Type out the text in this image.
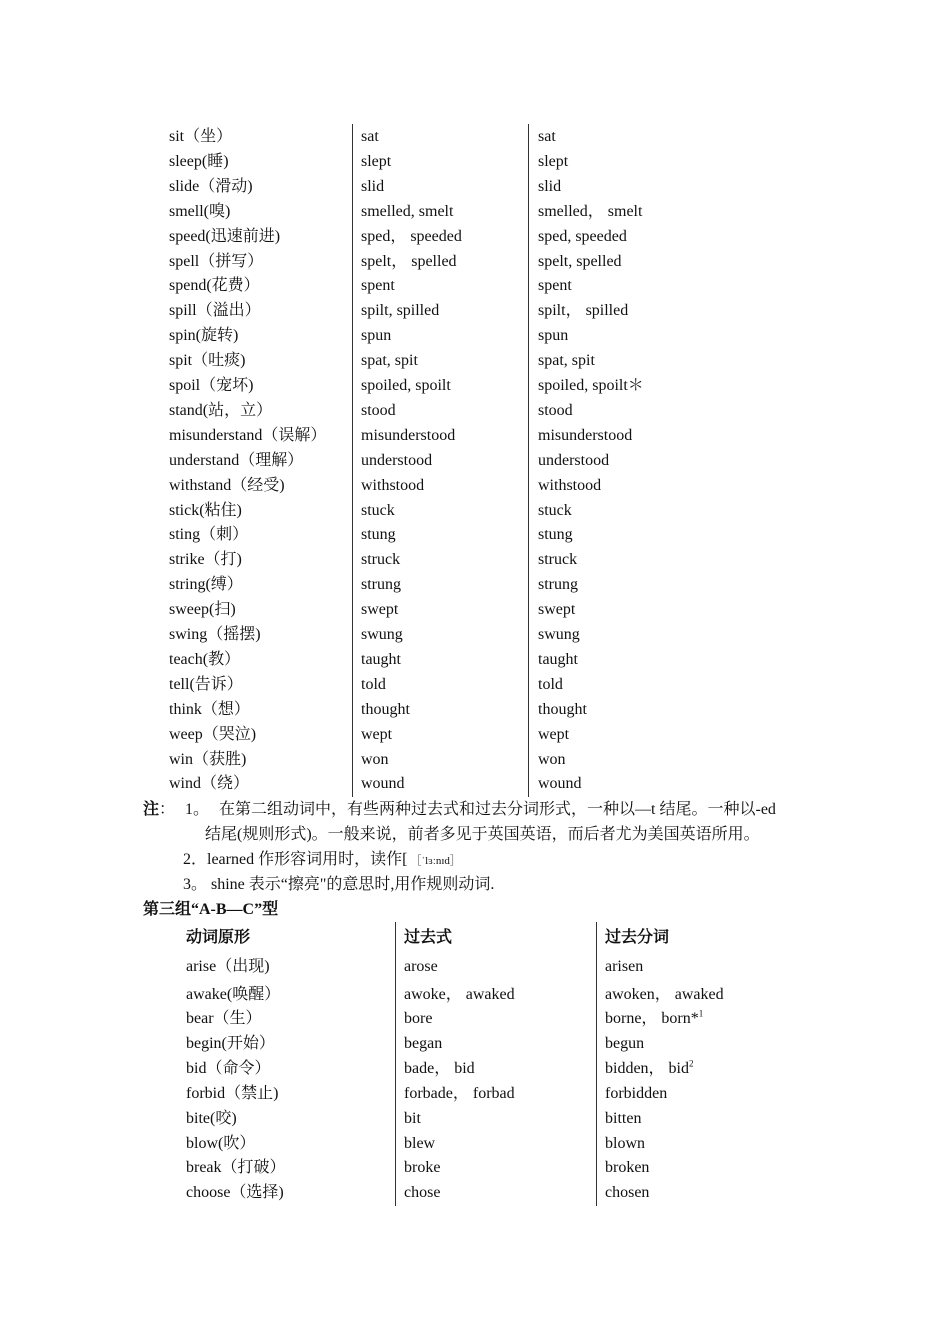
sit（坐）	sat	sat
sleep(睡)	slept	slept
slide（滑动)	slid	slid
smell(嗅)	smelled, smelt	smelled， smelt
speed(迅速前进)	sped， speeded	sped, speeded
spell（拼写）	spelt， spelled	spelt, spelled
spend(花费）	spent	spent
spill（溢出）	spilt, spilled	spilt， spilled
spin(旋转)	spun	spun
spit（吐痰)	spat, spit	spat, spit
spoil（宠坏)	spoiled, spoilt	spoiled, spoilt＊
stand(站，立）	stood	stood
misunderstand（误解） misunderstood	misunderstood
understand（理解）	understood	understood
withstand（经受)	withstood	withstood
stick(粘住)	stuck	stuck
sting（刺）	stung	stung
strike（打)	struck	struck
string(缚）	strung	strung
sweep(扫)	swept	swept
swing（摇摆)	swung	swung
teach(教）	taught	taught
tell(告诉）	told	told
think（想）	thought	thought
weep（哭泣)	wept	wept
win（获胜)	won	won
wind（绕）	wound	wound
注： 1。 在第二组动词中，有些两种过去式和过去分词形式，一种以—t 结尾。一种以-ed
结尾(规则形式)。一般来说，前者多见于英国英语，而后者尤为美国英语所用。
2．learned 作形容词用时，读作[ ［ˈlɜːnɪd］
3。 shine 表示“擦亮"的意思时,用作规则动词.
第三组“A-B—C”型
动词原形	过去式	过去分词
arise（出现)	arose	arisen
awake(唤醒）	awoke， awaked	awoken， awaked
bear（生）	bore	borne， born*$^1$
begin(开始）	began	begun
bid（命令）	bade， bid	bidden， bid$^2$
forbid（禁止)	forbade， forbad	forbidden
bite(咬)	bit	bitten
blow(吹）	blew	blown
break（打破）	broke	broken
choose（选择)	chose	chosen
